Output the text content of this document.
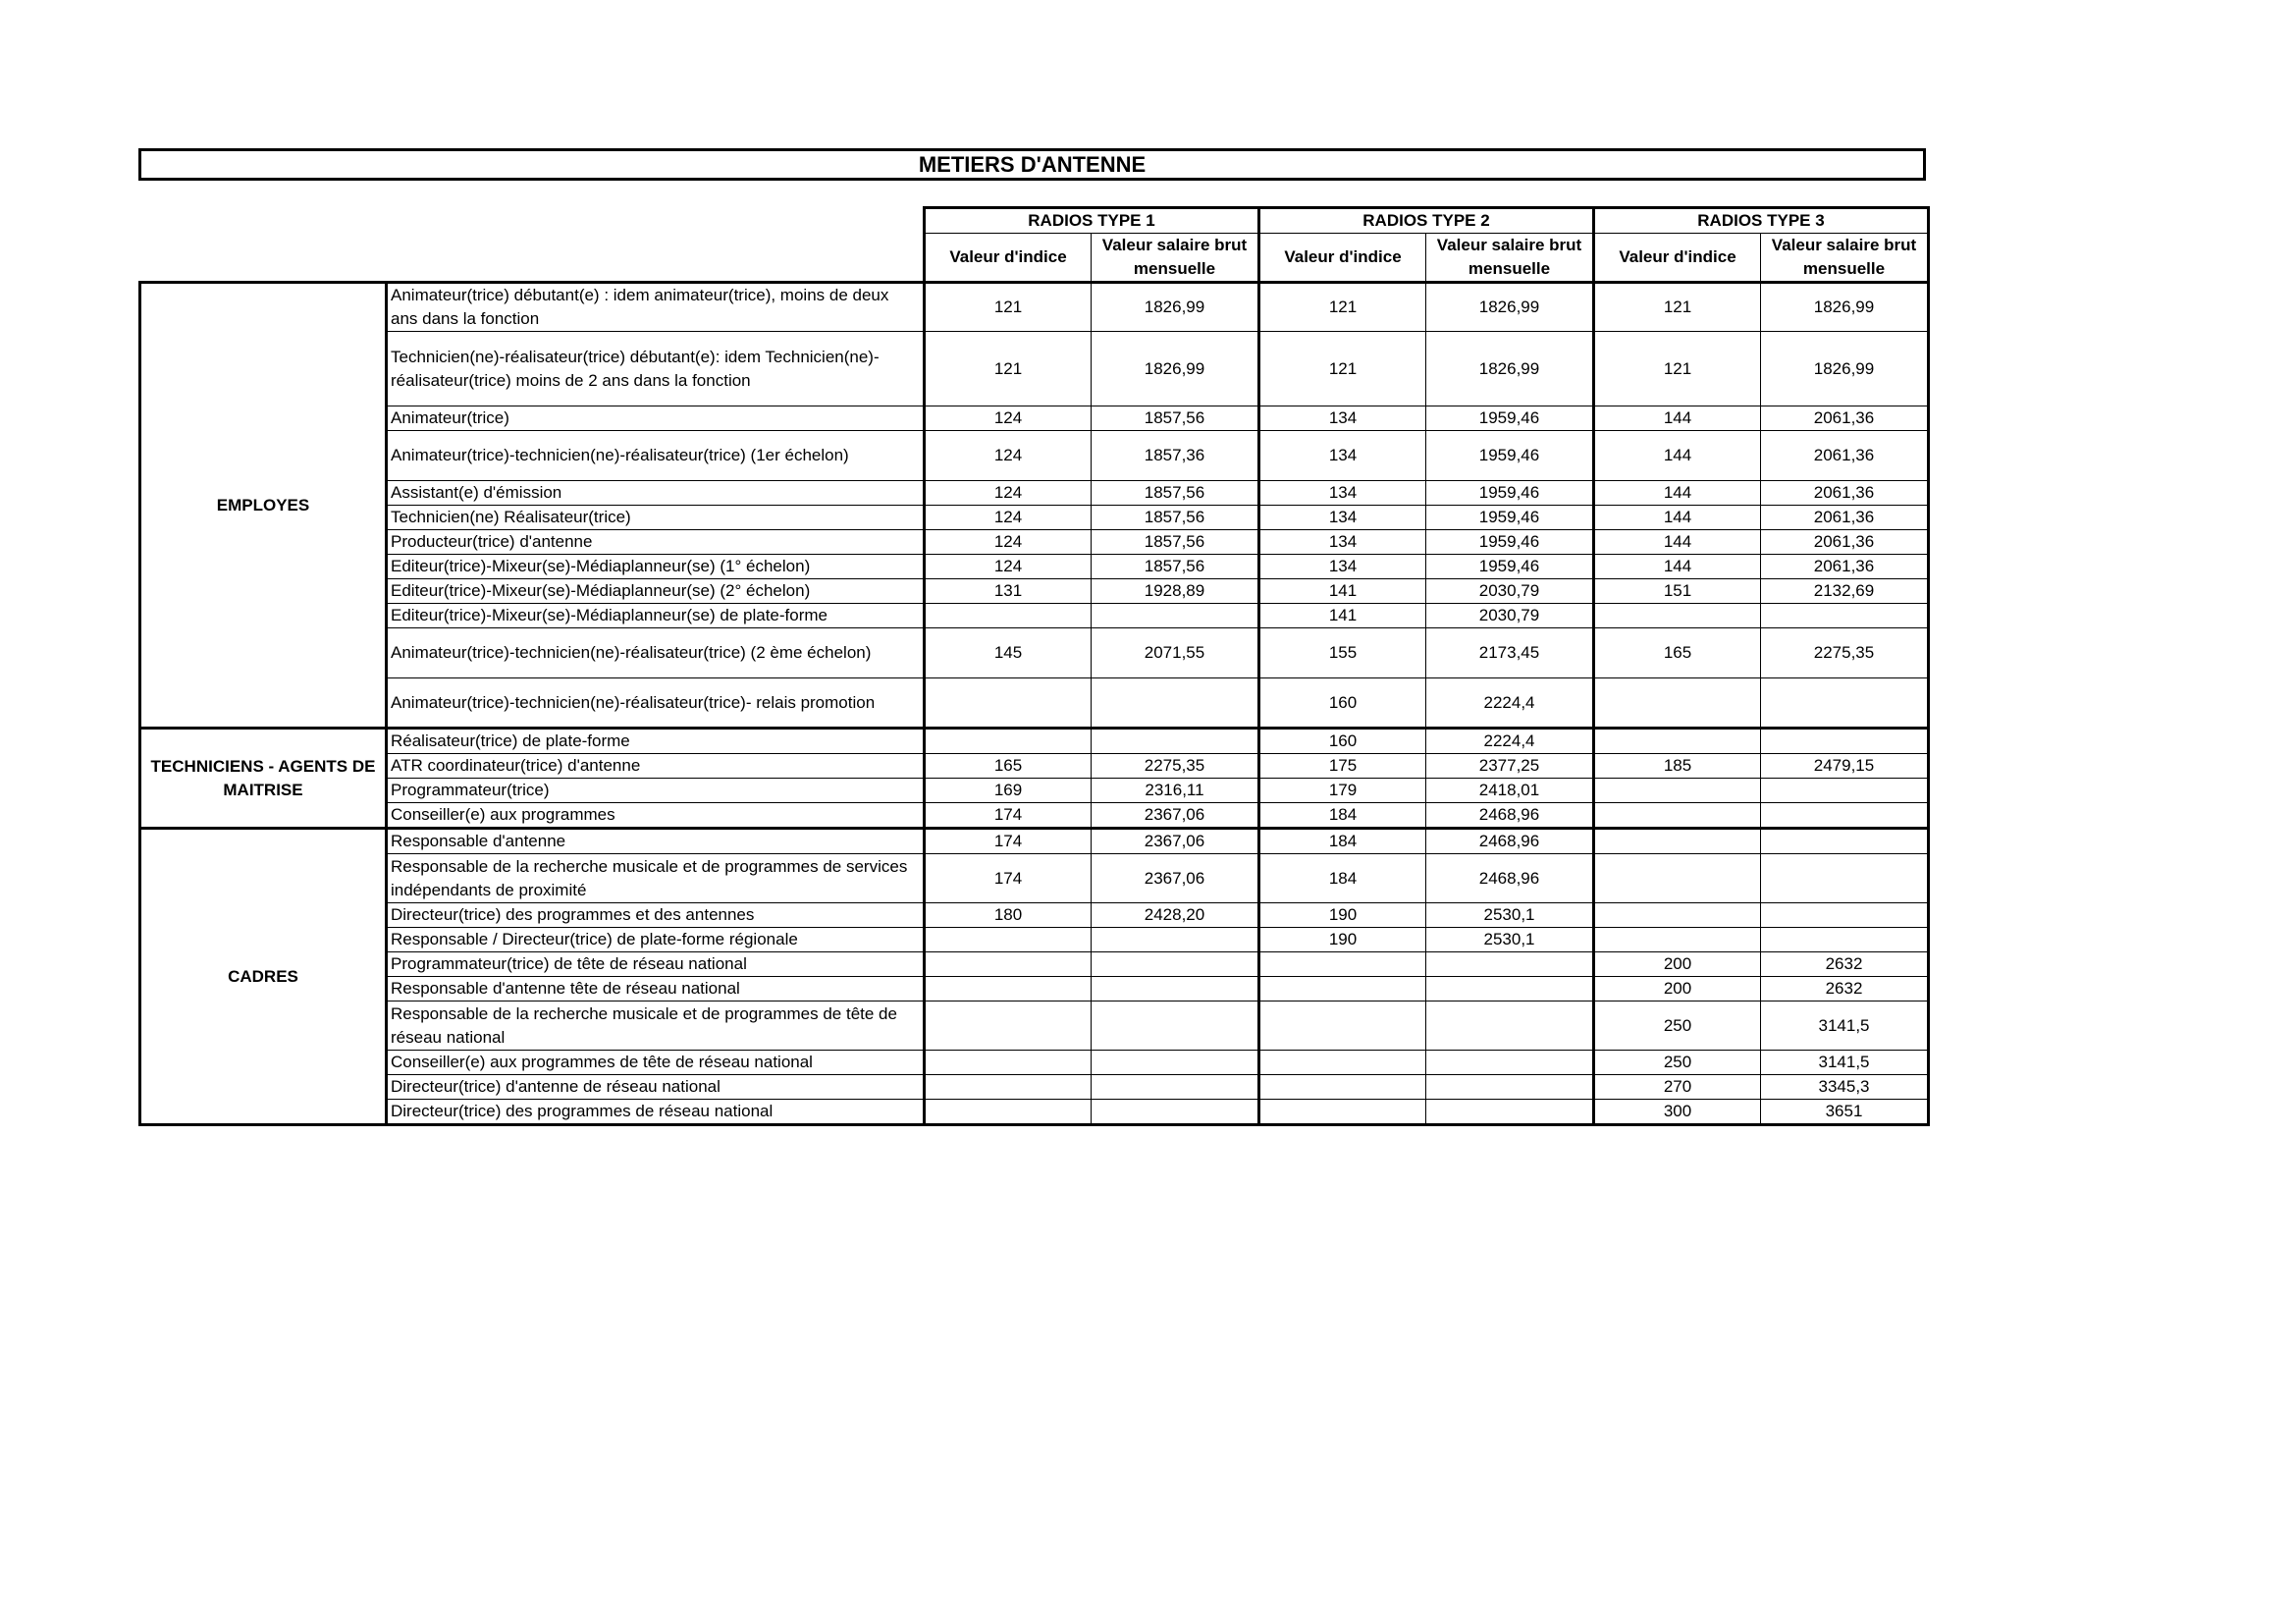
METIERS D'ANTENNE
		RADIOS TYPE 1		RADIOS TYPE 2		RADIOS TYPE 3	
		Valeur d'indice	Valeur salaire brut
mensuelle	Valeur d'indice	Valeur salaire brut
mensuelle	Valeur d'indice	Valeur salaire brut
mensuelle
EMPLOYES	Animateur(trice) débutant(e) : idem animateur(trice), moins de deux
ans dans la fonction	121	1826,99	121	1826,99	121	1826,99
	Technicien(ne)-réalisateur(trice) débutant(e): idem Technicien(ne)-
réalisateur(trice) moins de 2 ans dans la fonction	121	1826,99	121	1826,99	121	1826,99
	Animateur(trice)	124	1857,56	134	1959,46	144	2061,36
	Animateur(trice)-technicien(ne)-réalisateur(trice) (1er échelon)	124	1857,36	134	1959,46	144	2061,36
	Assistant(e) d'émission	124	1857,56	134	1959,46	144	2061,36
	Technicien(ne) Réalisateur(trice)	124	1857,56	134	1959,46	144	2061,36
	Producteur(trice) d'antenne	124	1857,56	134	1959,46	144	2061,36
	Editeur(trice)-Mixeur(se)-Médiaplanneur(se) (1° échelon)	124	1857,56	134	1959,46	144	2061,36
	Editeur(trice)-Mixeur(se)-Médiaplanneur(se) (2° échelon)	131	1928,89	141	2030,79	151	2132,69
	Editeur(trice)-Mixeur(se)-Médiaplanneur(se) de plate-forme			141	2030,79		
	Animateur(trice)-technicien(ne)-réalisateur(trice) (2 ème échelon)	145	2071,55	155	2173,45	165	2275,35
	Animateur(trice)-technicien(ne)-réalisateur(trice)- relais promotion			160	2224,4		
TECHNICIENS - AGENTS DE MAITRISE	Réalisateur(trice) de plate-forme			160	2224,4		
	ATR coordinateur(trice) d'antenne	165	2275,35	175	2377,25	185	2479,15
	Programmateur(trice)	169	2316,11	179	2418,01		
	Conseiller(e) aux programmes	174	2367,06	184	2468,96		
CADRES	Responsable d'antenne	174	2367,06	184	2468,96		
	Responsable de la recherche musicale et de programmes de services
indépendants de proximité	174	2367,06	184	2468,96		
	Directeur(trice) des programmes et des antennes	180	2428,20	190	2530,1		
	Responsable / Directeur(trice) de plate-forme régionale			190	2530,1		
	Programmateur(trice) de tête de réseau national					200	2632
	Responsable d'antenne tête de réseau national					200	2632
	Responsable de la recherche musicale et de programmes de tête de
réseau national					250	3141,5
	Conseiller(e) aux programmes de tête de réseau national					250	3141,5
	Directeur(trice) d'antenne de réseau national					270	3345,3
	Directeur(trice) des programmes de réseau national					300	3651
